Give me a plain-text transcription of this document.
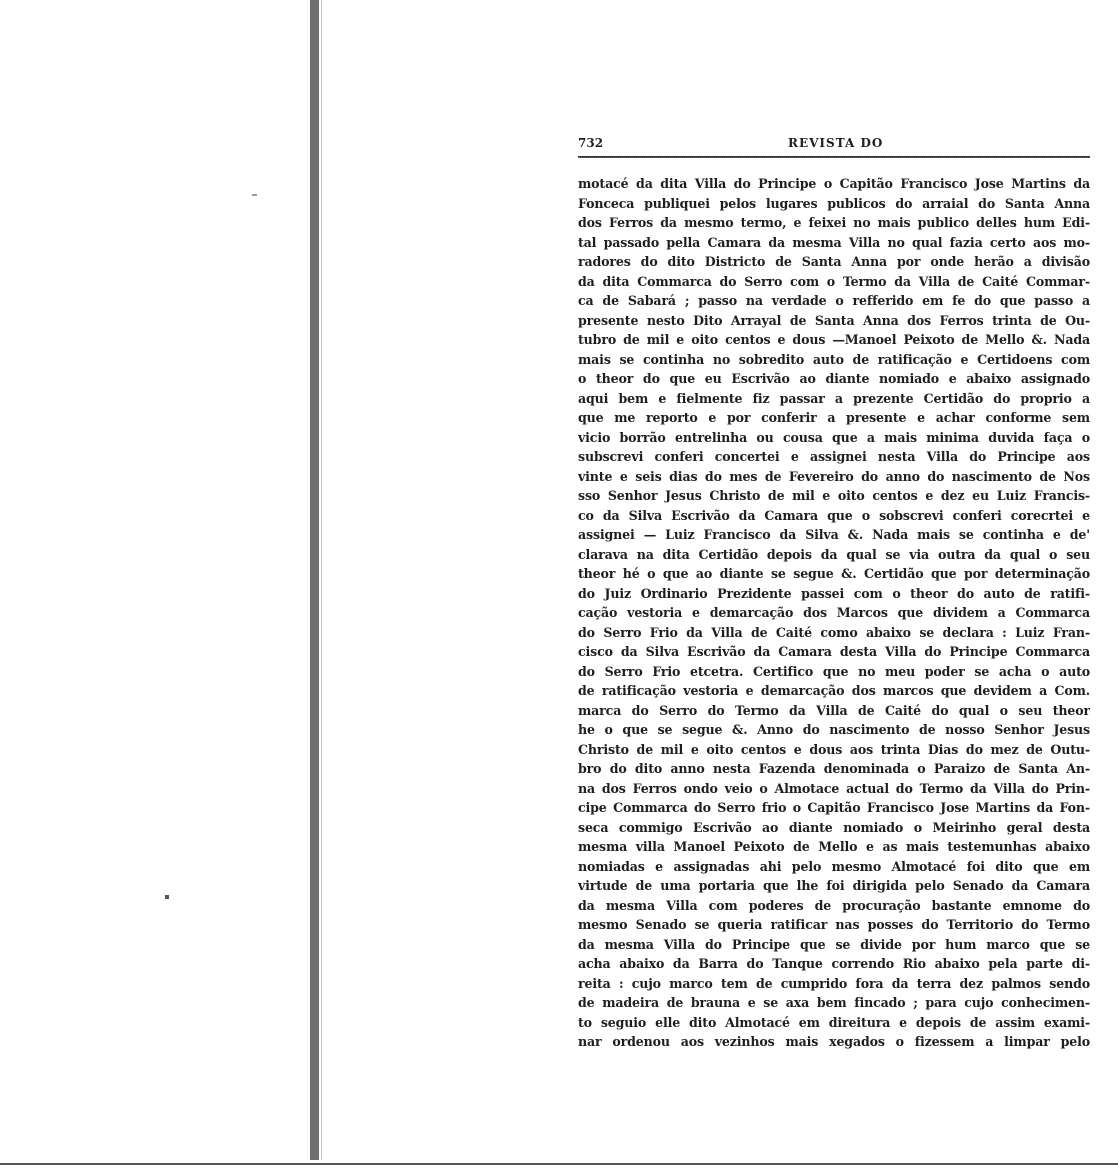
732	REVISTA DO
motacé da dita Villa do Principe o Capitão Francisco Jose Martins da
Fonceca publiquei pelos lugares publicos do arraial do Santa Anna
dos Ferros da mesmo termo, e feixei no mais publico delles hum Edi-
tal passado pella Camara da mesma Villa no qual fazia certo aos mo-
radores do dito Districto de Santa Anna por onde herão a divisão
da dita Commarca do Serro com o Termo da Villa de Caité Commar-
ca de Sabará ; passo na verdade o refferido em fe do que passo a
presente nesto Dito Arrayal de Santa Anna dos Ferros trinta de Ou-
tubro de mil e oito centos e dous —Manoel Peixoto de Mello &. Nada
mais se continha no sobredito auto de ratificação e Certidoens com
o theor do que eu Escrivão ao diante nomiado e abaixo assignado
aqui bem e fielmente fiz passar a prezente Certidão do proprio a
que me reporto e por conferir a presente e achar conforme sem
vicio borrão entrelinha ou cousa que a mais minima duvida faça o
subscrevi conferi concertei e assignei nesta Villa do Principe aos
vinte e seis dias do mes de Fevereiro do anno do nascimento de Nos
sso Senhor Jesus Christo de mil e oito centos e dez eu Luiz Francis-
co da Silva Escrivão da Camara que o sobscrevi conferi corecrtei e
assignei — Luiz Francisco da Silva &. Nada mais se continha e de'
clarava na dita Certidão depois da qual se via outra da qual o seu
theor hé o que ao diante se segue &. Certidão que por determinação
do Juiz Ordinario Prezidente passei com o theor do auto de ratifi-
cação vestoria e demarcação dos Marcos que dividem a Commarca
do Serro Frio da Villa de Caité como abaixo se declara : Luiz Fran-
cisco da Silva Escrivão da Camara desta Villa do Principe Commarca
do Serro Frio etcetra. Certifico que no meu poder se acha o auto
de ratificação vestoria e demarcação dos marcos que devidem a Com.
marca do Serro do Termo da Villa de Caité do qual o seu theor
he o que se segue &. Anno do nascimento de nosso Senhor Jesus
Christo de mil e oito centos e dous aos trinta Dias do mez de Outu-
bro do dito anno nesta Fazenda denominada o Paraizo de Santa An-
na dos Ferros ondo veio o Almotace actual do Termo da Villa do Prin-
cipe Commarca do Serro frio o Capitão Francisco Jose Martins da Fon-
seca commigo Escrivão ao diante nomiado o Meirinho geral desta
mesma villa Manoel Peixoto de Mello e as mais testemunhas abaixo
nomiadas e assignadas ahi pelo mesmo Almotacé foi dito que em
virtude de uma portaria que lhe foi dirigida pelo Senado da Camara
da mesma Villa com poderes de procuração bastante emnome do
mesmo Senado se queria ratificar nas posses do Territorio do Termo
da mesma Villa do Principe que se divide por hum marco que se
acha abaixo da Barra do Tanque correndo Rio abaixo pela parte di-
reita : cujo marco tem de cumprido fora da terra dez palmos sendo
de madeira de brauna e se axa bem fincado ; para cujo conhecimen-
to seguio elle dito Almotacé em direitura e depois de assim exami-
nar ordenou aos vezinhos mais xegados o fizessem a limpar pelo
